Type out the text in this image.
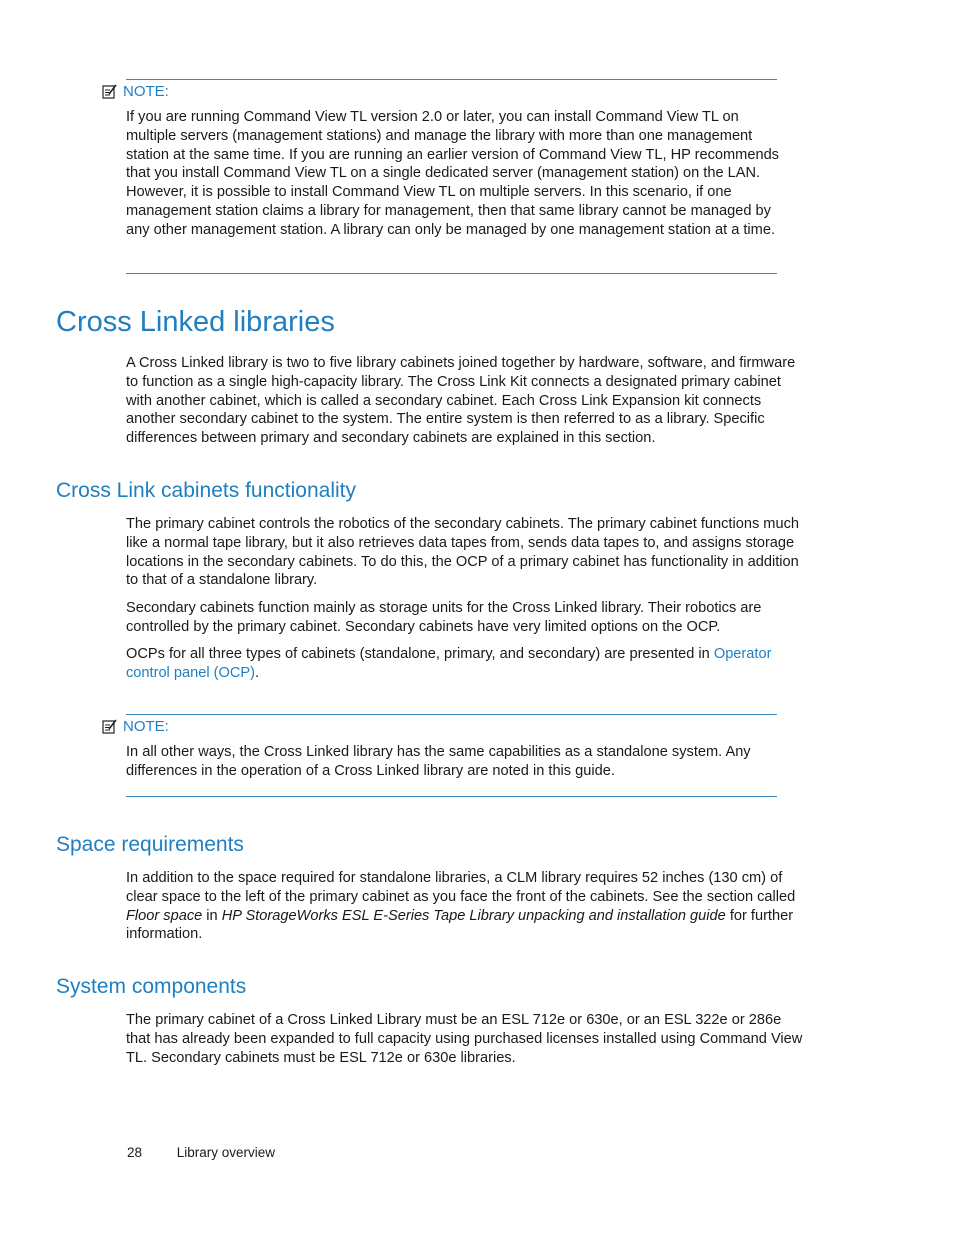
NOTE:

If you are running Command View TL version 2.0 or later, you can install Command View TL on multiple servers (management stations) and manage the library with more than one management station at the same time. If you are running an earlier version of Command View TL, HP recommends that you install Command View TL on a single dedicated server (management station) on the LAN. However, it is possible to install Command View TL on multiple servers. In this scenario, if one management station claims a library for management, then that same library cannot be managed by any other management station. A library can only be managed by one management station at a time.

Cross Linked libraries

A Cross Linked library is two to five library cabinets joined together by hardware, software, and firmware to function as a single high-capacity library. The Cross Link Kit connects a designated primary cabinet with another cabinet, which is called a secondary cabinet. Each Cross Link Expansion kit connects another secondary cabinet to the system. The entire system is then referred to as a library. Specific differences between primary and secondary cabinets are explained in this section.

Cross Link cabinets functionality

The primary cabinet controls the robotics of the secondary cabinets. The primary cabinet functions much like a normal tape library, but it also retrieves data tapes from, sends data tapes to, and assigns storage locations in the secondary cabinets. To do this, the OCP of a primary cabinet has functionality in addition to that of a standalone library.

Secondary cabinets function mainly as storage units for the Cross Linked library. Their robotics are controlled by the primary cabinet. Secondary cabinets have very limited options on the OCP.

OCPs for all three types of cabinets (standalone, primary, and secondary) are presented in Operator control panel (OCP).

NOTE:

In all other ways, the Cross Linked library has the same capabilities as a standalone system. Any differences in the operation of a Cross Linked library are noted in this guide.

Space requirements

In addition to the space required for standalone libraries, a CLM library requires 52 inches (130 cm) of clear space to the left of the primary cabinet as you face the front of the cabinets. See the section called Floor space in HP StorageWorks ESL E-Series Tape Library unpacking and installation guide for further information.

System components

The primary cabinet of a Cross Linked Library must be an ESL 712e or 630e, or an ESL 322e or 286e that has already been expanded to full capacity using purchased licenses installed using Command View TL. Secondary cabinets must be ESL 712e or 630e libraries.

28	Library overview
